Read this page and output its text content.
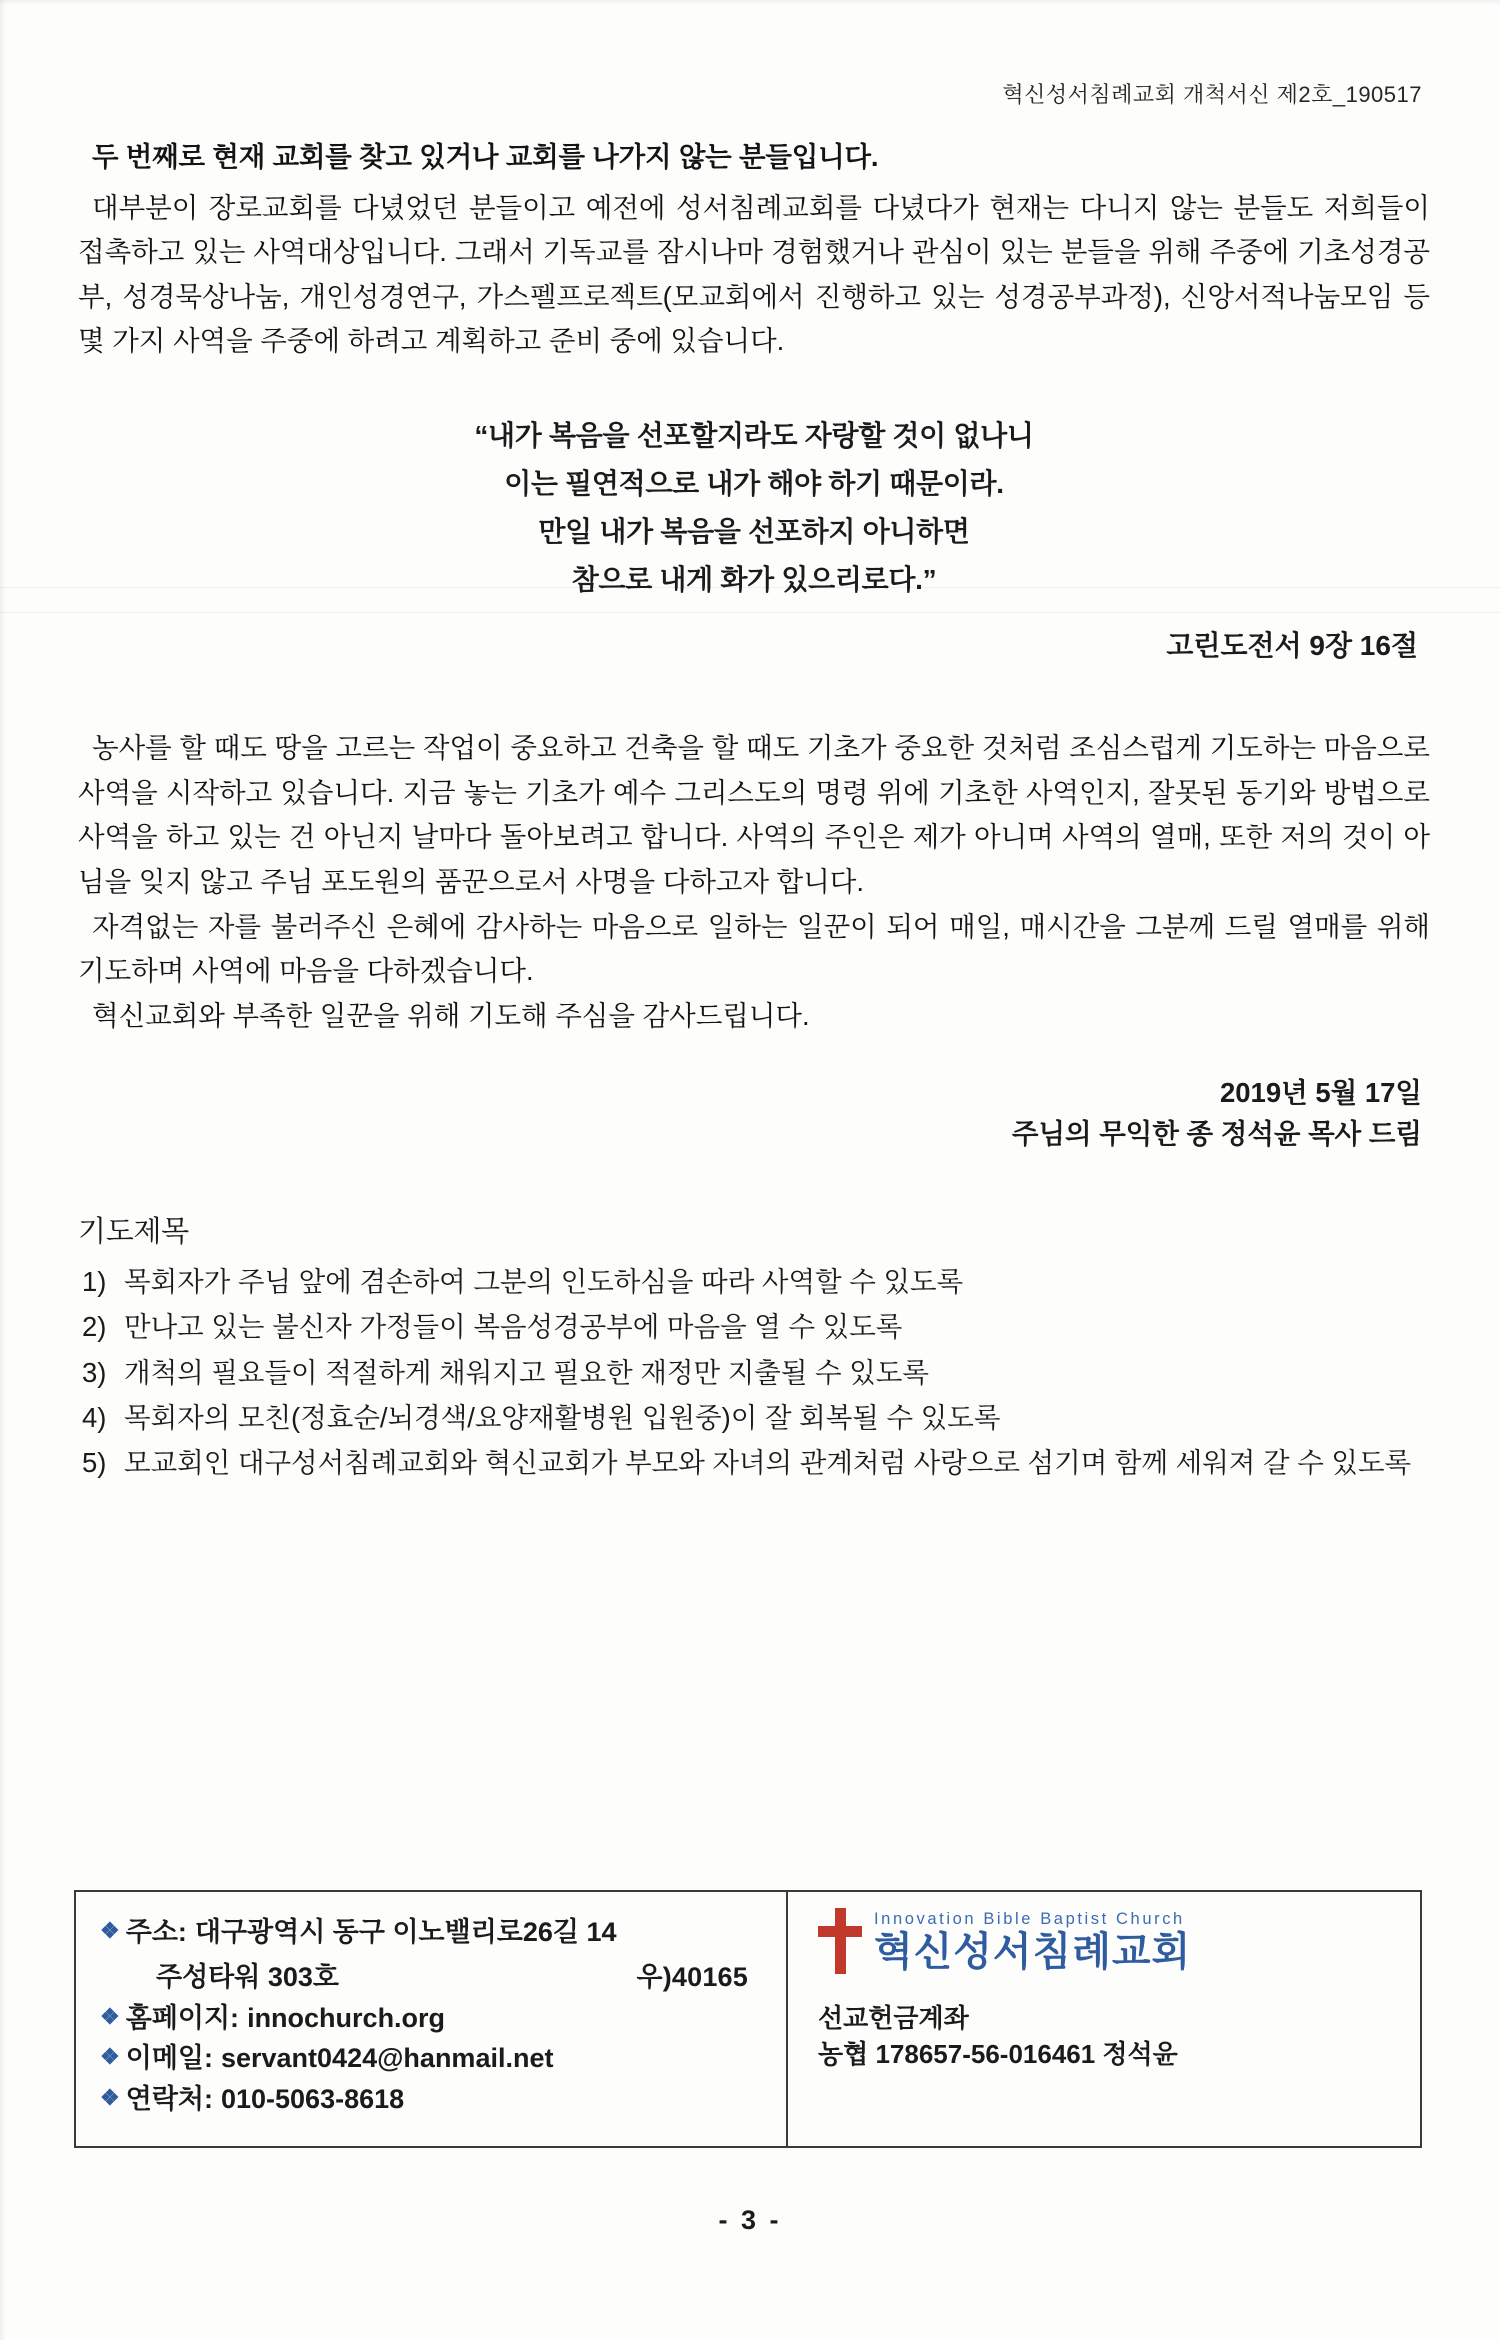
혁신성서침례교회 개척서신 제2호_190517

두 번째로 현재 교회를 찾고 있거나 교회를 나가지 않는 분들입니다.

대부분이 장로교회를 다녔었던 분들이고 예전에 성서침례교회를 다녔다가 현재는 다니지 않는 분들도 저희들이 접촉하고 있는 사역대상입니다. 그래서 기독교를 잠시나마 경험했거나 관심이 있는 분들을 위해 주중에 기초성경공부, 성경묵상나눔, 개인성경연구, 가스펠프로젝트(모교회에서 진행하고 있는 성경공부과정), 신앙서적나눔모임 등 몇 가지 사역을 주중에 하려고 계획하고 준비 중에 있습니다.

“내가 복음을 선포할지라도 자랑할 것이 없나니
이는 필연적으로 내가 해야 하기 때문이라.
만일 내가 복음을 선포하지 아니하면
참으로 내게 화가 있으리로다.”
고린도전서 9장 16절

농사를 할 때도 땅을 고르는 작업이 중요하고 건축을 할 때도 기초가 중요한 것처럼 조심스럽게 기도하는 마음으로 사역을 시작하고 있습니다. 지금 놓는 기초가 예수 그리스도의 명령 위에 기초한 사역인지, 잘못된 동기와 방법으로 사역을 하고 있는 건 아닌지 날마다 돌아보려고 합니다. 사역의 주인은 제가 아니며 사역의 열매, 또한 저의 것이 아님을 잊지 않고 주님 포도원의 품꾼으로서 사명을 다하고자 합니다.

자격없는 자를 불러주신 은혜에 감사하는 마음으로 일하는 일꾼이 되어 매일, 매시간을 그분께 드릴 열매를 위해 기도하며 사역에 마음을 다하겠습니다.

혁신교회와 부족한 일꾼을 위해 기도해 주심을 감사드립니다.

2019년 5월 17일
주님의 무익한 종 정석윤 목사 드림
기도제목
1) 목회자가 주님 앞에 겸손하여 그분의 인도하심을 따라 사역할 수 있도록
2) 만나고 있는 불신자 가정들이 복음성경공부에 마음을 열 수 있도록
3) 개척의 필요들이 적절하게 채워지고 필요한 재정만 지출될 수 있도록
4) 목회자의 모친(정효순/뇌경색/요양재활병원 입원중)이 잘 회복될 수 있도록
5) 모교회인 대구성서침례교회와 혁신교회가 부모와 자녀의 관계처럼 사랑으로 섬기며 함께 세워져 갈 수 있도록
❖ 주소: 대구광역시 동구 이노밸리로26길 14
주성타워 303호	우)40165
❖ 홈페이지: innochurch.org
❖ 이메일: servant0424@hanmail.net
❖ 연락처: 010-5063-8618
Innovation Bible Baptist Church
혁신성서침례교회
선교헌금계좌
농협 178657-56-016461 정석윤
- 3 -
